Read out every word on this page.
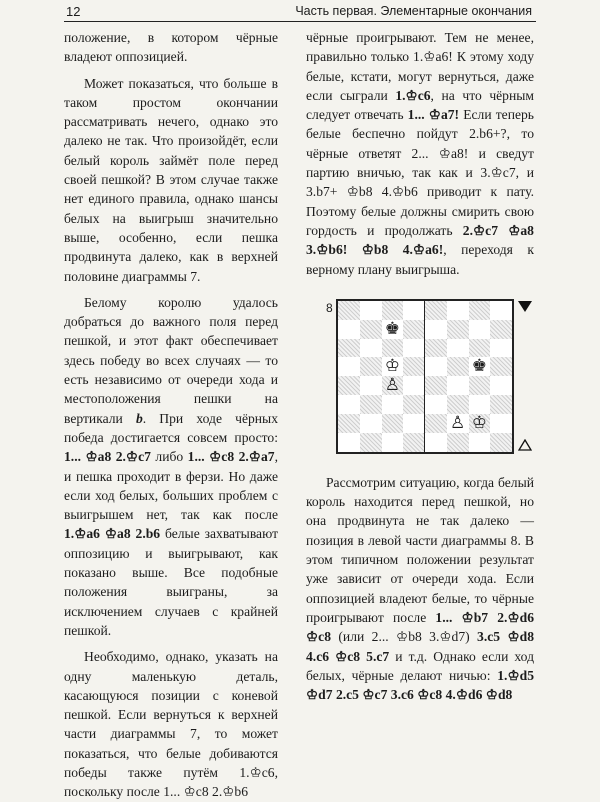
12	Часть первая. Элементарные окончания

положение, в котором чёрные владеют оппозицией.

Может показаться, что больше в таком простом окончании рассматривать нечего, однако это далеко не так. Что произойдёт, если белый король займёт поле перед своей пешкой? В этом случае также нет единого правила, однако шансы белых на выигрыш значительно выше, особенно, если пешка продвинута далеко, как в верхней половине диаграммы 7.

Белому королю удалось добраться до важного поля перед пешкой, и этот факт обеспечивает здесь победу во всех случаях — то есть независимо от очереди хода и местоположения пешки на вертикали b. При ходе чёрных победа достигается совсем просто: 1... ♔a8 2.♔c7 либо 1... ♔c8 2.♔a7, и пешка проходит в ферзи. Но даже если ход белых, больших проблем с выигрышем нет, так как после 1.♔a6 ♔a8 2.b6 белые захватывают оппозицию и выигрывают, как показано выше. Все подобные положения выиграны, за исключением случаев с крайней пешкой.

Необходимо, однако, указать на одну маленькую деталь, касающуюся позиции с коневой пешкой. Если вернуться к верхней части диаграммы 7, то может показаться, что белые добиваются победы также путём 1.♔c6, поскольку после 1... ♔c8 2.♔b6

чёрные проигрывают. Тем не менее, правильно только 1.♔a6! К этому ходу белые, кстати, могут вернуться, даже если сыграли 1.♔c6, на что чёрным следует отвечать 1... ♔a7! Если теперь белые беспечно пойдут 2.b6+?, то чёрные ответят 2... ♔a8! и сведут партию вничью, так как и 3.♔c7, и 3.b7+ ♔b8 4.♔b6 приводит к пату. Поэтому белые должны смирить свою гордость и продолжать 2.♔c7 ♔a8 3.♔b6! ♔b8 4.♔a6!, переходя к верному плану выигрыша.

8
♚
♔	♚
♙
♙ ♔

Рассмотрим ситуацию, когда белый король находится перед пешкой, но она продвинута не так далеко — позиция в левой части диаграммы 8. В этом типичном положении результат уже зависит от очереди хода. Если оппозицией владеют белые, то чёрные проигрывают после 1... ♔b7 2.♔d6 ♔c8 (или 2... ♔b8 3.♔d7) 3.c5 ♔d8 4.c6 ♔c8 5.c7 и т.д. Однако если ход белых, чёрные делают ничью: 1.♔d5 ♔d7 2.c5 ♔c7 3.c6 ♔c8 4.♔d6 ♔d8
